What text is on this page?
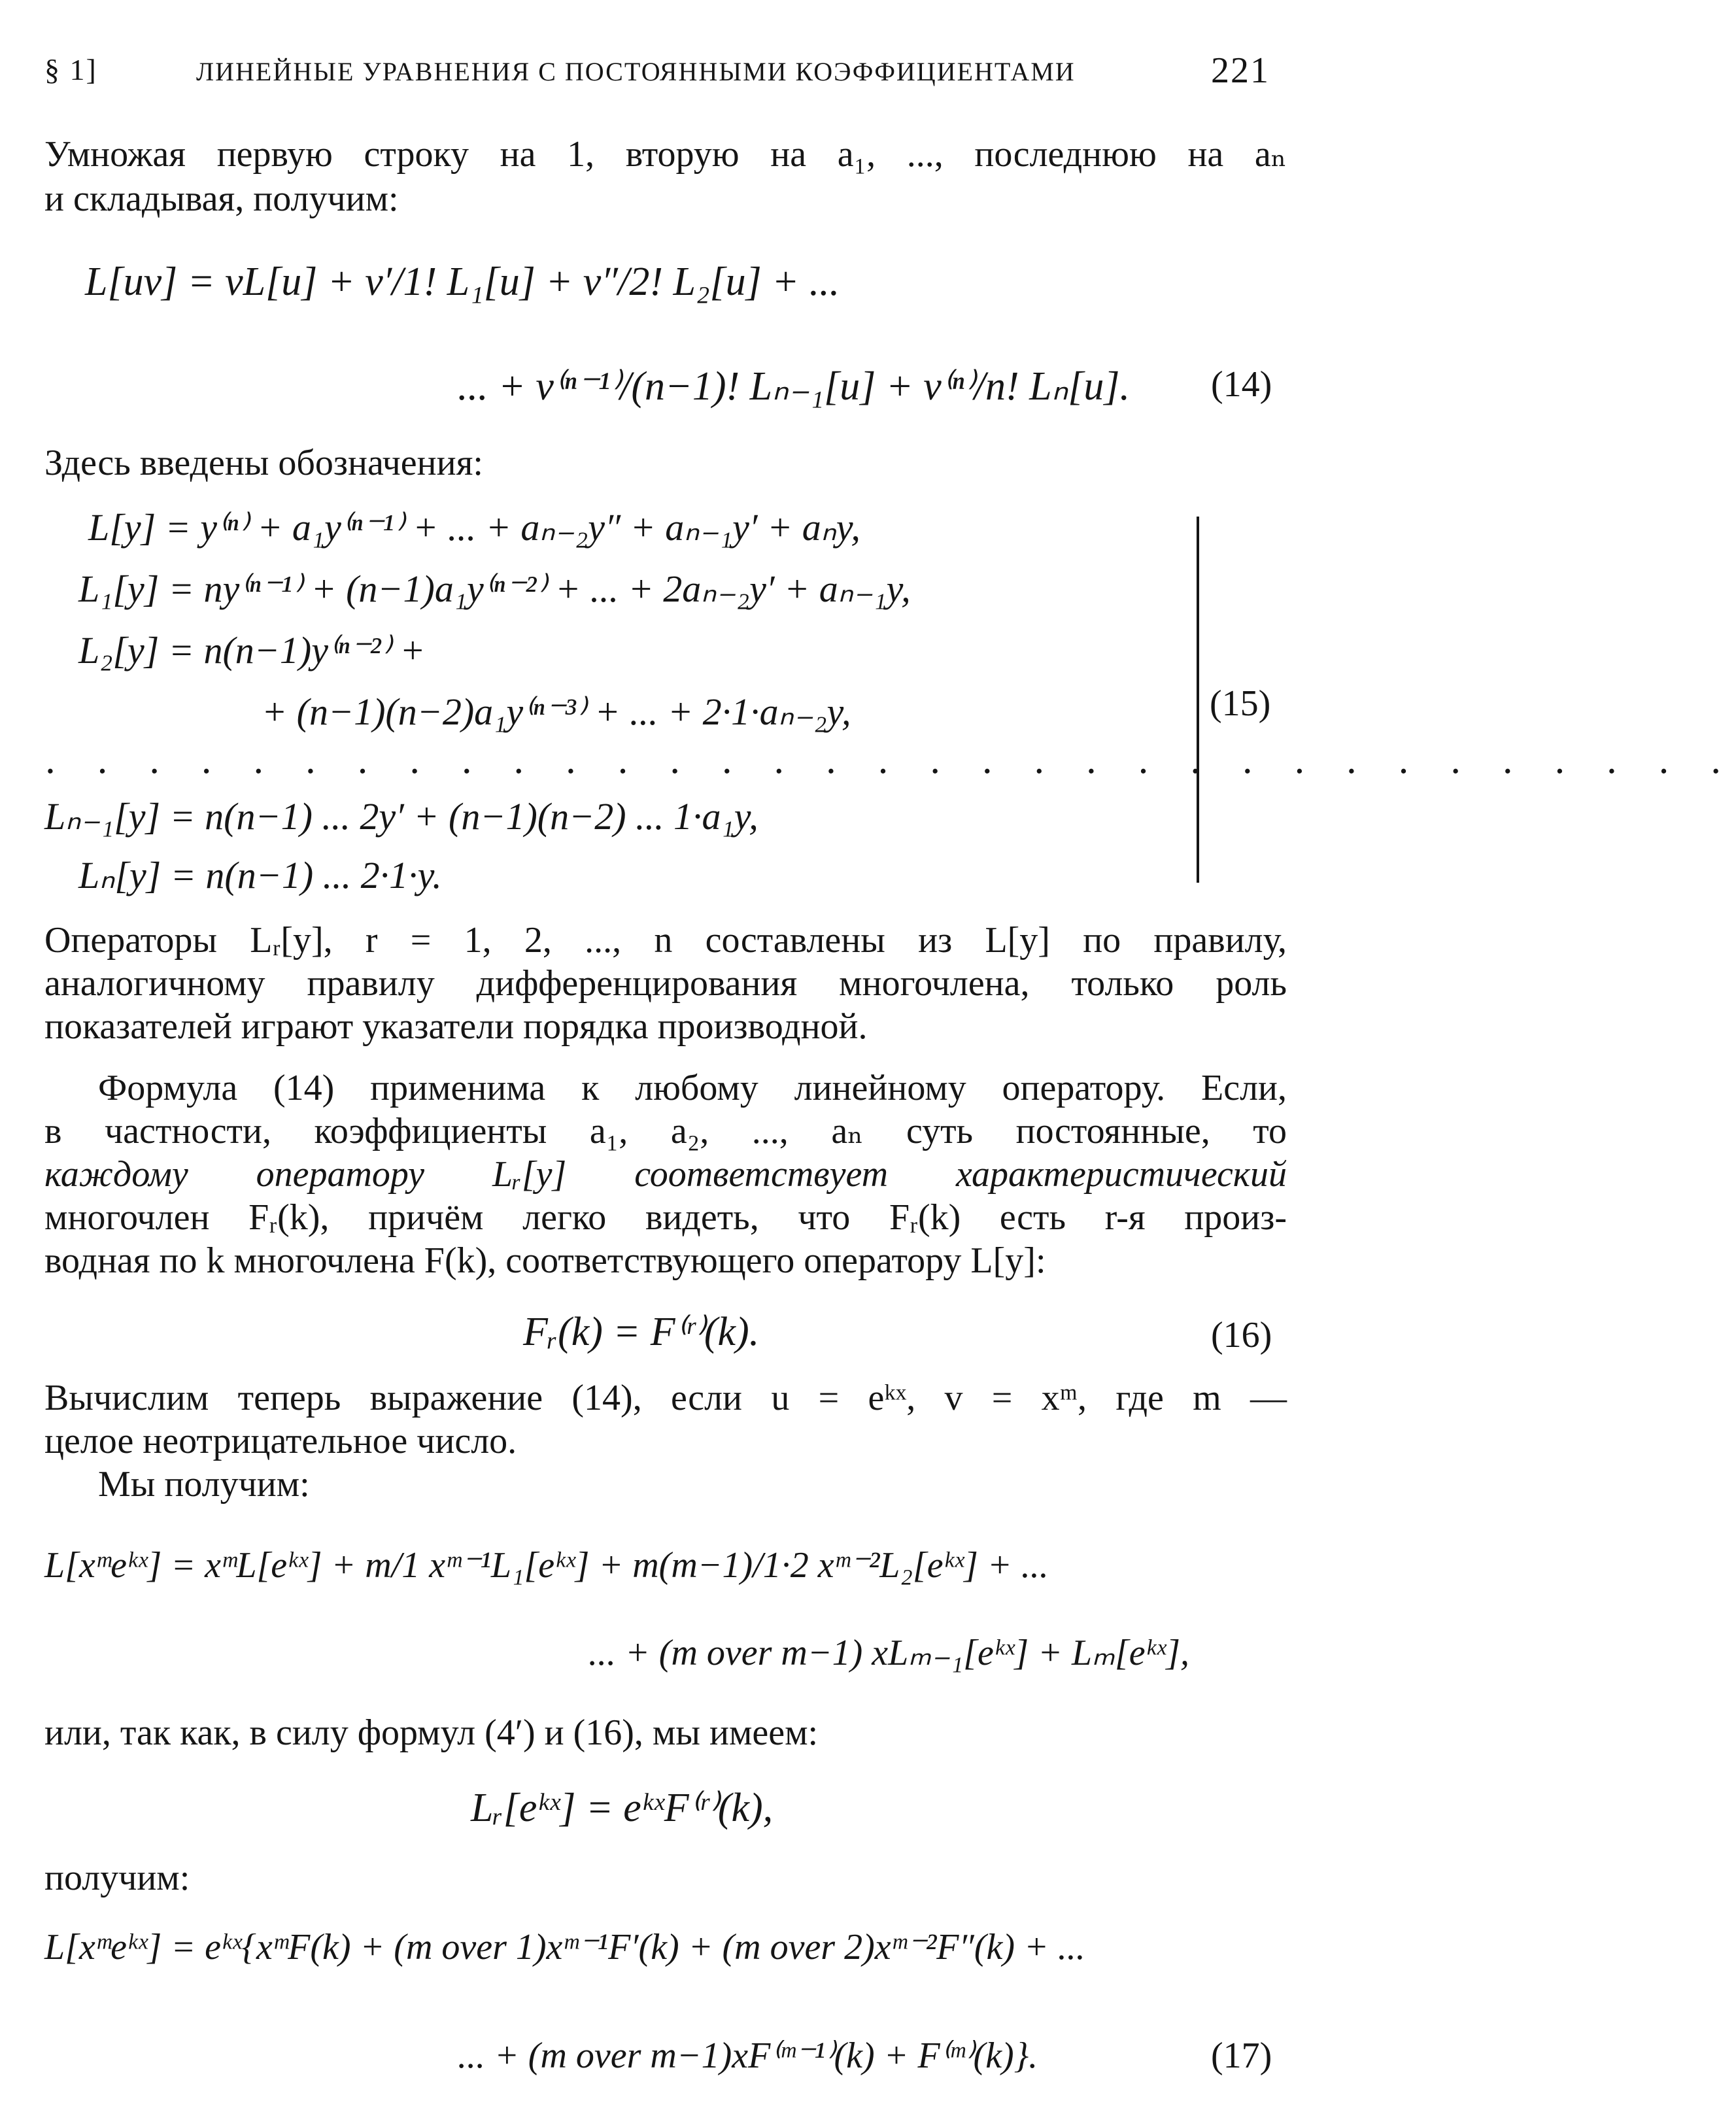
§ 1]	ЛИНЕЙНЫЕ УРАВНЕНИЯ С ПОСТОЯННЫМИ КОЭФФИЦИЕНТАМИ	221
Умножая первую строку на 1, вторую на a₁, ..., последнюю на aₙ
и складывая, получим:
L[uv] = vL[u] + v′/1! L₁[u] + v″/2! L₂[u] + ...
... + v⁽ⁿ⁻¹⁾/(n−1)! Lₙ₋₁[u] + v⁽ⁿ⁾/n! Lₙ[u]. (14)
Здесь введены обозначения:
L[y] = y⁽ⁿ⁾ + a₁y⁽ⁿ⁻¹⁾ + ... + aₙ₋₂y″ + aₙ₋₁y′ + aₙy,
L₁[y] = ny⁽ⁿ⁻¹⁾ + (n−1)a₁y⁽ⁿ⁻²⁾ + ... + 2aₙ₋₂y′ + aₙ₋₁y,
L₂[y] = n(n−1)y⁽ⁿ⁻²⁾ +
+ (n−1)(n−2)a₁y⁽ⁿ⁻³⁾ + ... + 2·1·aₙ₋₂y,
. . . . . . . . . . . . . . . . . . . . . . . . . . . . . . . . .
Lₙ₋₁[y] = n(n−1) ... 2y′ + (n−1)(n−2) ... 1·a₁y,
Lₙ[y] = n(n−1) ... 2·1·y.
(15)
Операторы Lᵣ[y], r = 1, 2, ..., n составлены из L[y] по правилу,
аналогичному правилу дифференцирования многочлена, только роль
показателей играют указатели порядка производной.
Формула (14) применима к любому линейному оператору. Если,
в частности, коэффициенты a₁, a₂, ..., aₙ суть постоянные, то
каждому оператору Lᵣ[y] соответствует характеристический
многочлен Fᵣ(k), причём легко видеть, что Fᵣ(k) есть r-я произ-
водная по k многочлена F(k), соответствующего оператору L[y]:
Fᵣ(k) = F⁽ʳ⁾(k).	(16)
Вычислим теперь выражение (14), если u = eᵏˣ, v = xᵐ, где m —
целое неотрицательное число.
Мы получим:
L[xᵐeᵏˣ] = xᵐL[eᵏˣ] + m/1 xᵐ⁻¹L₁[eᵏˣ] + m(m−1)/1·2 xᵐ⁻²L₂[eᵏˣ] + ...
... + (m over m−1) xLₘ₋₁[eᵏˣ] + Lₘ[eᵏˣ],
или, так как, в силу формул (4′) и (16), мы имеем:
Lᵣ[eᵏˣ] = eᵏˣF⁽ʳ⁾(k),
получим:
L[xᵐeᵏˣ] = eᵏˣ{xᵐF(k) + (m over 1)xᵐ⁻¹F′(k) + (m over 2)xᵐ⁻²F″(k) + ...
... + (m over m−1)xF⁽ᵐ⁻¹⁾(k) + F⁽ᵐ⁾(k)}.	(17)
